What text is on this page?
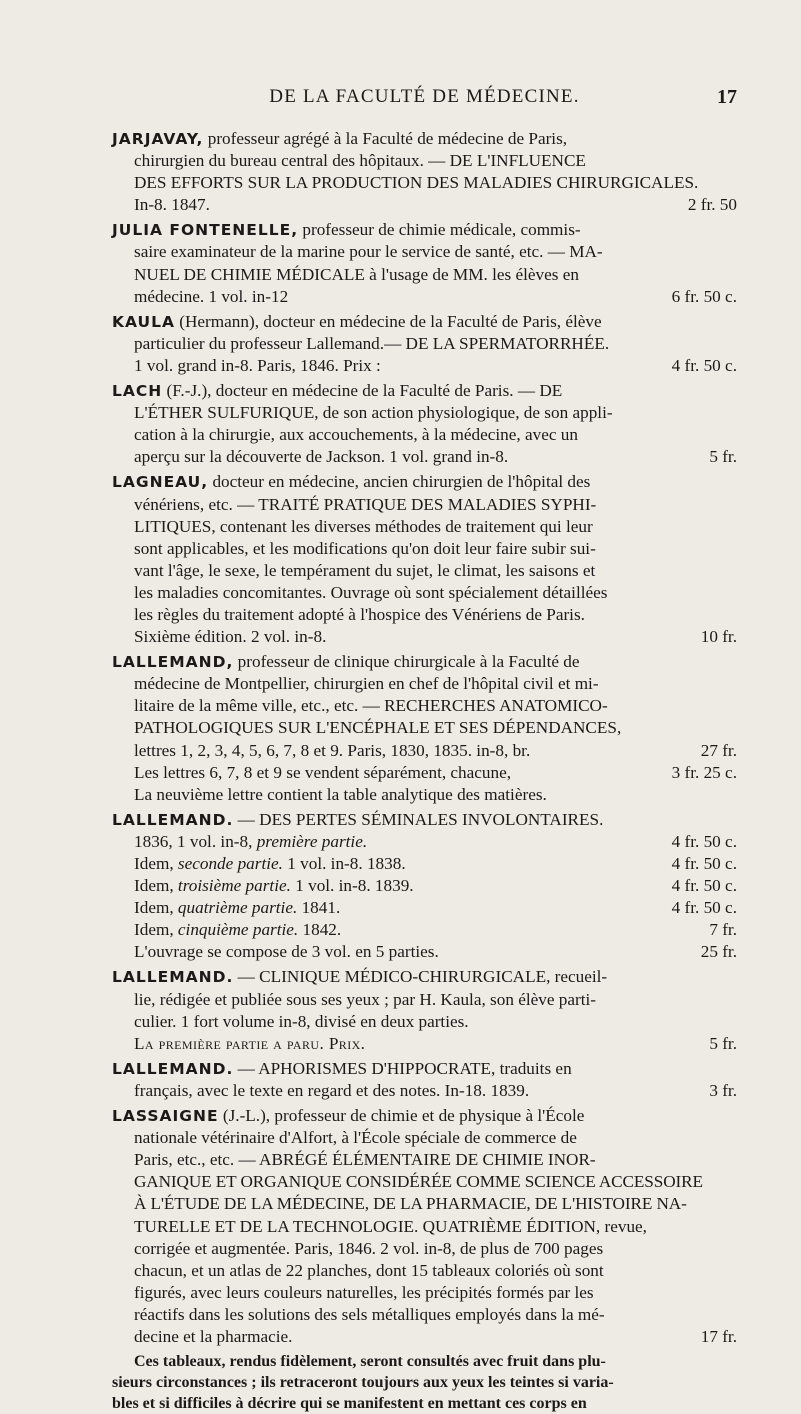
DE LA FACULTÉ DE MÉDECINE.	17
JARJAVAY, professeur agrégé à la Faculté de médecine de Paris,
chirurgien du bureau central des hôpitaux. — DE L'INFLUENCE
DES EFFORTS SUR LA PRODUCTION DES MALADIES CHIRURGICALES.
In-8. 1847.	2 fr. 50
JULIA FONTENELLE, professeur de chimie médicale, commis-
saire examinateur de la marine pour le service de santé, etc. — MA-
NUEL DE CHIMIE MÉDICALE à l'usage de MM. les élèves en
médecine. 1 vol. in-12	6 fr. 50 c.
KAULA (Hermann), docteur en médecine de la Faculté de Paris, élève
particulier du professeur Lallemand.— DE LA SPERMATORRHÉE.
1 vol. grand in-8. Paris, 1846. Prix :	4 fr. 50 c.
LACH (F.-J.), docteur en médecine de la Faculté de Paris. — DE
L'ÉTHER SULFURIQUE, de son action physiologique, de son appli-
cation à la chirurgie, aux accouchements, à la médecine, avec un
aperçu sur la découverte de Jackson. 1 vol. grand in-8.	5 fr.
LAGNEAU, docteur en médecine, ancien chirurgien de l'hôpital des
vénériens, etc. — TRAITÉ PRATIQUE DES MALADIES SYPHI-
LITIQUES, contenant les diverses méthodes de traitement qui leur
sont applicables, et les modifications qu'on doit leur faire subir sui-
vant l'âge, le sexe, le tempérament du sujet, le climat, les saisons et
les maladies concomitantes. Ouvrage où sont spécialement détaillées
les règles du traitement adopté à l'hospice des Vénériens de Paris.
Sixième édition. 2 vol. in-8.	10 fr.
LALLEMAND, professeur de clinique chirurgicale à la Faculté de
médecine de Montpellier, chirurgien en chef de l'hôpital civil et mi-
litaire de la même ville, etc., etc. — RECHERCHES ANATOMICO-
PATHOLOGIQUES SUR L'ENCÉPHALE ET SES DÉPENDANCES,
lettres 1, 2, 3, 4, 5, 6, 7, 8 et 9. Paris, 1830, 1835. in-8, br.	27 fr.
Les lettres 6, 7, 8 et 9 se vendent séparément, chacune,	3 fr. 25 c.
La neuvième lettre contient la table analytique des matières.
LALLEMAND. — DES PERTES SÉMINALES INVOLONTAIRES.
1836, 1 vol. in-8, première partie.	4 fr. 50 c.
Idem, seconde partie. 1 vol. in-8. 1838.	4 fr. 50 c.
Idem, troisième partie. 1 vol. in-8. 1839.	4 fr. 50 c.
Idem, quatrième partie. 1841.	4 fr. 50 c.
Idem, cinquième partie. 1842.	7 fr.
L'ouvrage se compose de 3 vol. en 5 parties.	25 fr.
LALLEMAND. — CLINIQUE MÉDICO-CHIRURGICALE, recueil-
lie, rédigée et publiée sous ses yeux ; par H. Kaula, son élève parti-
culier. 1 fort volume in-8, divisé en deux parties.
La première partie a paru. Prix.	5 fr.
LALLEMAND. — APHORISMES D'HIPPOCRATE, traduits en
français, avec le texte en regard et des notes. In-18. 1839.	3 fr.
LASSAIGNE (J.-L.), professeur de chimie et de physique à l'École
nationale vétérinaire d'Alfort, à l'École spéciale de commerce de
Paris, etc., etc. — ABRÉGÉ ÉLÉMENTAIRE DE CHIMIE INOR-
GANIQUE ET ORGANIQUE CONSIDÉRÉE COMME SCIENCE ACCESSOIRE
À L'ÉTUDE DE LA MÉDECINE, DE LA PHARMACIE, DE L'HISTOIRE NA-
TURELLE ET DE LA TECHNOLOGIE. QUATRIÈME ÉDITION, revue,
corrigée et augmentée. Paris, 1846. 2 vol. in-8, de plus de 700 pages
chacun, et un atlas de 22 planches, dont 15 tableaux coloriés où sont
figurés, avec leurs couleurs naturelles, les précipités formés par les
réactifs dans les solutions des sels métalliques employés dans la mé-
decine et la pharmacie.	17 fr.
Ces tableaux, rendus fidèlement, seront consultés avec fruit dans plu-
sieurs circonstances ; ils retraceront toujours aux yeux les teintes si varia-
bles et si difficiles à décrire qui se manifestent en mettant ces corps en
